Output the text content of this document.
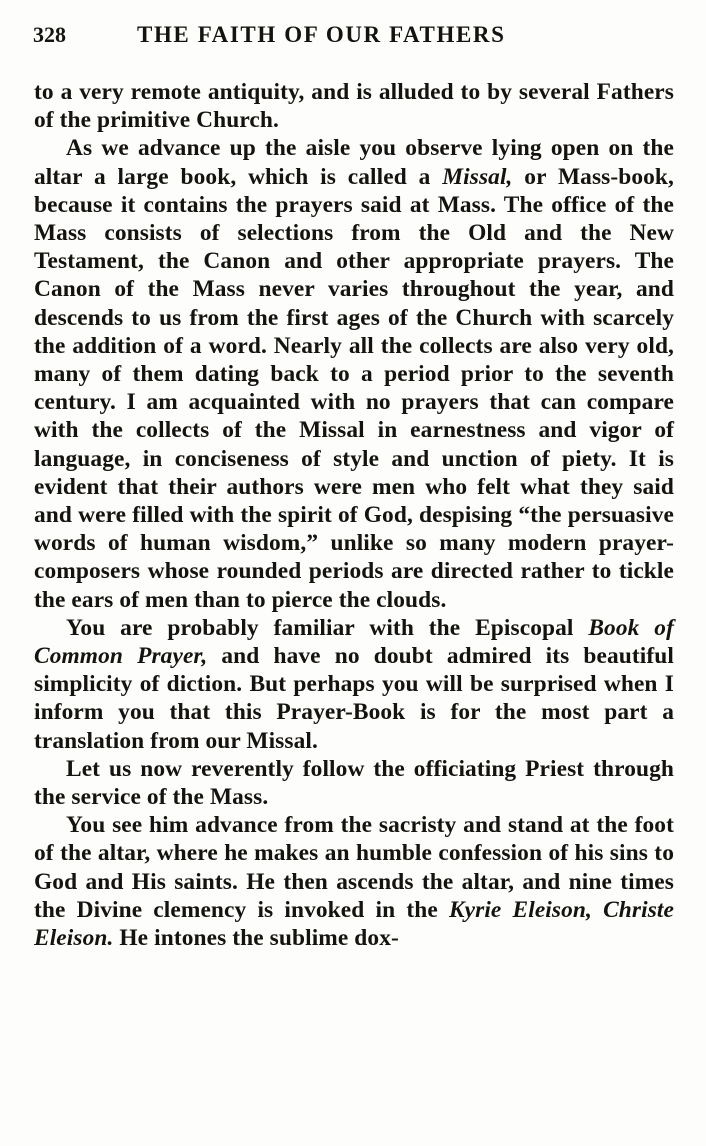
328	THE FAITH OF OUR FATHERS

to a very remote antiquity, and is alluded to by several Fathers of the primitive Church.

As we advance up the aisle you observe lying open on the altar a large book, which is called a Missal, or Mass-book, because it contains the prayers said at Mass. The office of the Mass consists of selections from the Old and the New Testament, the Canon and other appropriate prayers. The Canon of the Mass never varies throughout the year, and descends to us from the first ages of the Church with scarcely the addition of a word. Nearly all the collects are also very old, many of them dating back to a period prior to the seventh century. I am acquainted with no prayers that can compare with the collects of the Missal in earnestness and vigor of language, in conciseness of style and unction of piety. It is evident that their authors were men who felt what they said and were filled with the spirit of God, despising “the persuasive words of human wisdom,” unlike so many modern prayer-composers whose rounded periods are directed rather to tickle the ears of men than to pierce the clouds.

You are probably familiar with the Episcopal Book of Common Prayer, and have no doubt admired its beautiful simplicity of diction. But perhaps you will be surprised when I inform you that this Prayer-Book is for the most part a translation from our Missal.

Let us now reverently follow the officiating Priest through the service of the Mass.

You see him advance from the sacristy and stand at the foot of the altar, where he makes an humble confession of his sins to God and His saints. He then ascends the altar, and nine times the Divine clemency is invoked in the Kyrie Eleison, Christe Eleison. He intones the sublime dox-
